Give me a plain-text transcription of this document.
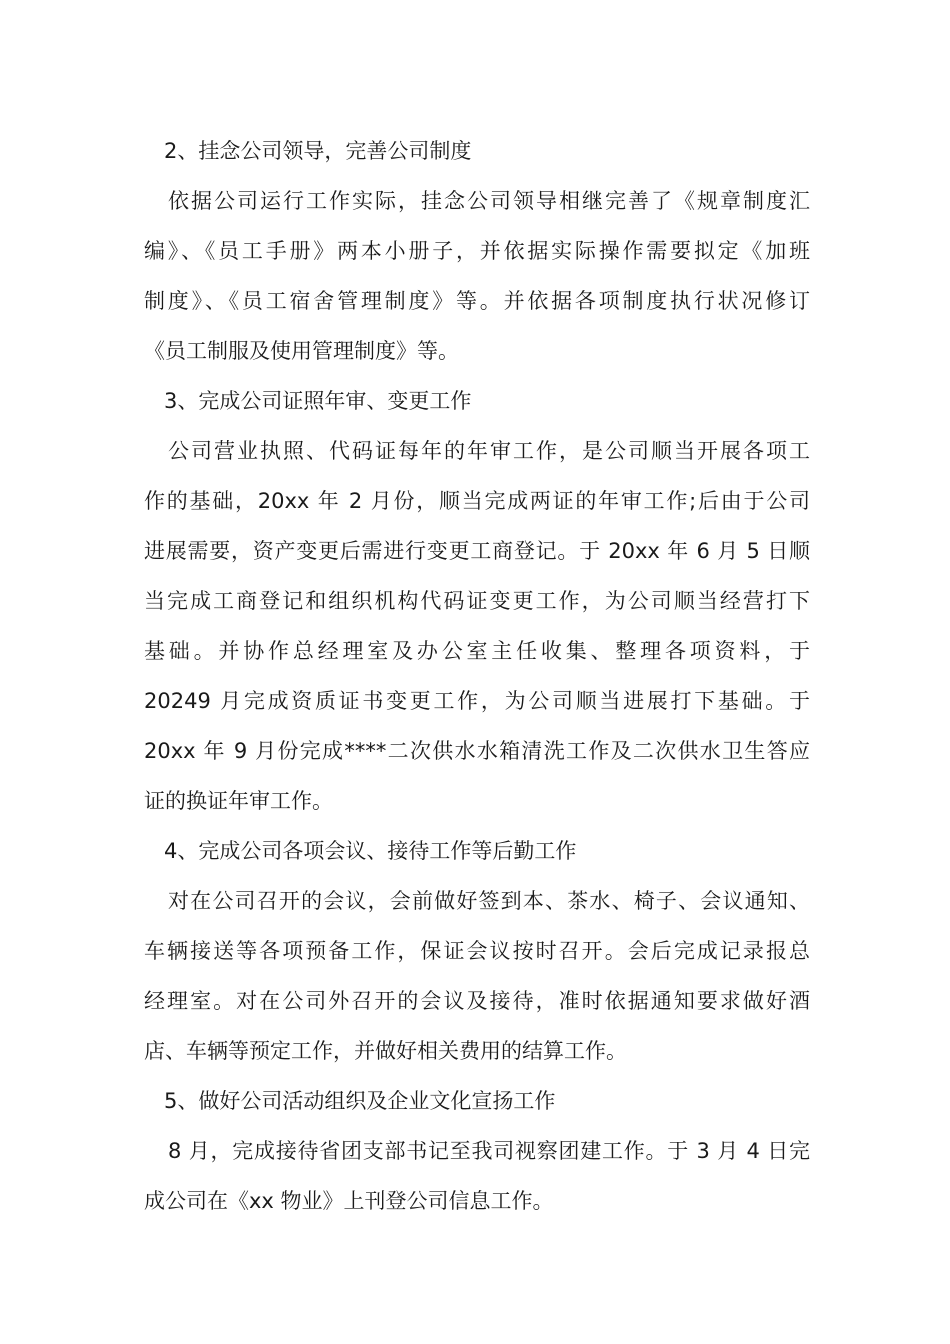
2、挂念公司领导，完善公司制度
依据公司运行工作实际，挂念公司领导相继完善了《规章制度汇
编》、《员工手册》两本小册子，并依据实际操作需要拟定《加班
制度》、《员工宿舍管理制度》等。并依据各项制度执行状况修订
《员工制服及使用管理制度》等。
3、完成公司证照年审、变更工作
公司营业执照、代码证每年的年审工作，是公司顺当开展各项工
作的基础，20xx 年 2 月份，顺当完成两证的年审工作;后由于公司
进展需要，资产变更后需进行变更工商登记。于 20xx 年 6 月 5 日顺
当完成工商登记和组织机构代码证变更工作，为公司顺当经营打下
基础。并协作总经理室及办公室主任收集、整理各项资料，于
20249 月完成资质证书变更工作，为公司顺当进展打下基础。于
20xx 年 9 月份完成****二次供水水箱清洗工作及二次供水卫生答应
证的换证年审工作。
4、完成公司各项会议、接待工作等后勤工作
对在公司召开的会议，会前做好签到本、茶水、椅子、会议通知、
车辆接送等各项预备工作，保证会议按时召开。会后完成记录报总
经理室。对在公司外召开的会议及接待，准时依据通知要求做好酒
店、车辆等预定工作，并做好相关费用的结算工作。
5、做好公司活动组织及企业文化宣扬工作
8 月，完成接待省团支部书记至我司视察团建工作。于 3 月 4 日完
成公司在《xx 物业》上刊登公司信息工作。
